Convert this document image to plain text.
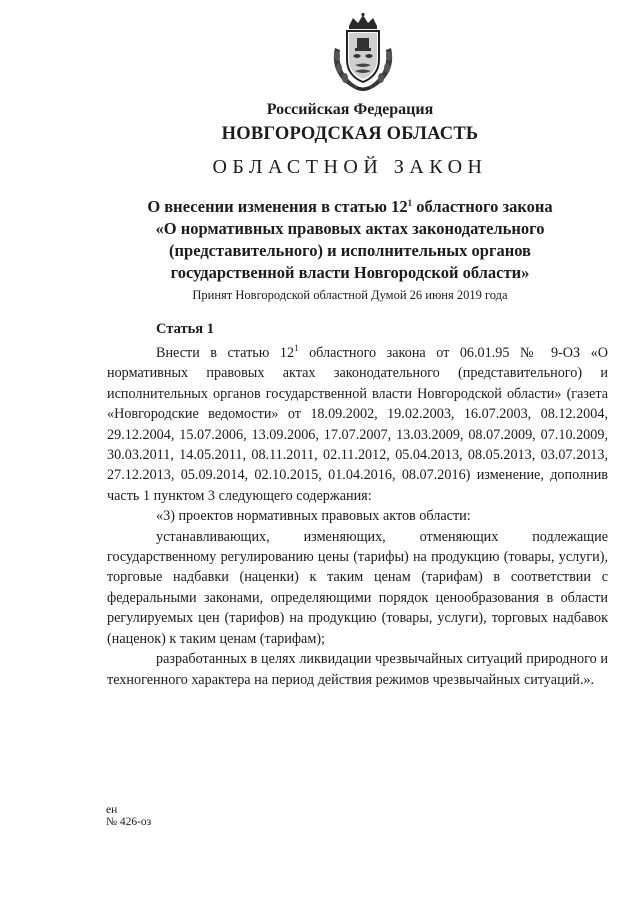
Российская Федерация
НОВГОРОДСКАЯ ОБЛАСТЬ
ОБЛАСТНОЙ ЗАКОН
О внесении изменения в статью $12^1$ областного закона
«О нормативных правовых актах законодательного
(представительного) и исполнительных органов
государственной власти Новгородской области»
Принят Новгородской областной Думой 26 июня 2019 года
Статья 1

Внести в статью $12^1$ областного закона от 06.01.95 № 9-ОЗ «О нормативных правовых актах законодательного (представительного) и исполнительных органов государственной власти Новгородской области» (газета «Новгородские ведомости» от 18.09.2002, 19.02.2003, 16.07.2003, 08.12.2004, 29.12.2004, 15.07.2006, 13.09.2006, 17.07.2007, 13.03.2009, 08.07.2009, 07.10.2009, 30.03.2011, 14.05.2011, 08.11.2011, 02.11.2012, 05.04.2013, 08.05.2013, 03.07.2013, 27.12.2013, 05.09.2014, 02.10.2015, 01.04.2016, 08.07.2016) изменение, дополнив часть 1 пунктом 3 следующего содержания:

«3) проектов нормативных правовых актов области:

устанавливающих, изменяющих, отменяющих подлежащие государственному регулированию цены (тарифы) на продукцию (товары, услуги), торговые надбавки (наценки) к таким ценам (тарифам) в соответствии с федеральными законами, определяющими порядок ценообразования в области регулируемых цен (тарифов) на продукцию (товары, услуги), торговых надбавок (наценок) к таким ценам (тарифам);

разработанных в целях ликвидации чрезвычайных ситуаций природного и техногенного характера на период действия режимов чрезвычайных ситуаций.».

ен
№ 426-оз
